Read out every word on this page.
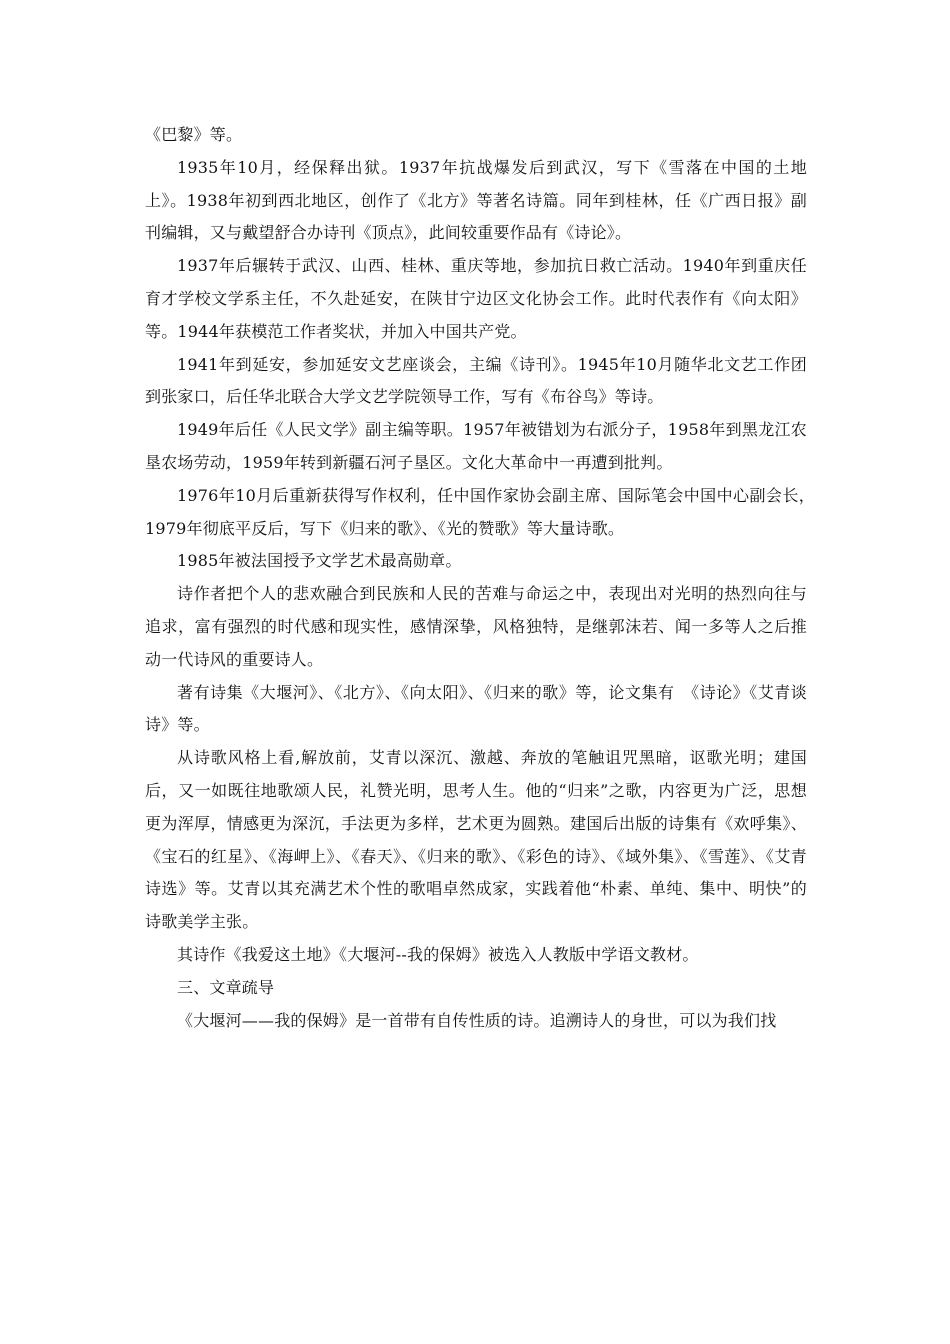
《巴黎》等。

1935年10月，经保释出狱。1937年抗战爆发后到武汉，写下《雪落在中国的土地上》。1938年初到西北地区，创作了《北方》等著名诗篇。同年到桂林，任《广西日报》副刊编辑，又与戴望舒合办诗刊《顶点》，此间较重要作品有《诗论》。

1937年后辗转于武汉、山西、桂林、重庆等地，参加抗日救亡活动。1940年到重庆任育才学校文学系主任，不久赴延安，在陕甘宁边区文化协会工作。此时代表作有《向太阳》等。1944年获模范工作者奖状，并加入中国共产党。

1941年到延安，参加延安文艺座谈会，主编《诗刊》。1945年10月随华北文艺工作团到张家口，后任华北联合大学文艺学院领导工作，写有《布谷鸟》等诗。

1949年后任《人民文学》副主编等职。1957年被错划为右派分子，1958年到黑龙江农垦农场劳动，1959年转到新疆石河子垦区。文化大革命中一再遭到批判。

1976年10月后重新获得写作权利，任中国作家协会副主席、国际笔会中国中心副会长，　　1979年彻底平反后，写下《归来的歌》、《光的赞歌》等大量诗歌。

1985年被法国授予文学艺术最高勋章。

诗作者把个人的悲欢融合到民族和人民的苦难与命运之中，表现出对光明的热烈向往与追求，富有强烈的时代感和现实性，感情深挚，风格独特，是继郭沫若、闻一多等人之后推动一代诗风的重要诗人。

著有诗集《大堰河》、《北方》、《向太阳》、《归来的歌》等，论文集有　《诗论》《艾青谈诗》等。

从诗歌风格上看,解放前，艾青以深沉、激越、奔放的笔触诅咒黑暗，讴歌光明；建国后，又一如既往地歌颂人民，礼赞光明，思考人生。他的“归来”之歌，内容更为广泛，思想更为浑厚，情感更为深沉，手法更为多样，艺术更为圆熟。建国后出版的诗集有《欢呼集》、《宝石的红星》、《海岬上》、《春天》、《归来的歌》、《彩色的诗》、《域外集》、《雪莲》、《艾青诗选》等。艾青以其充满艺术个性的歌唱卓然成家，实践着他“朴素、单纯、集中、明快”的诗歌美学主张。

其诗作《我爱这土地》《大堰河--我的保姆》被选入人教版中学语文教材。

三、文章疏导

《大堰河——我的保姆》是一首带有自传性质的诗。追溯诗人的身世，可以为我们找
